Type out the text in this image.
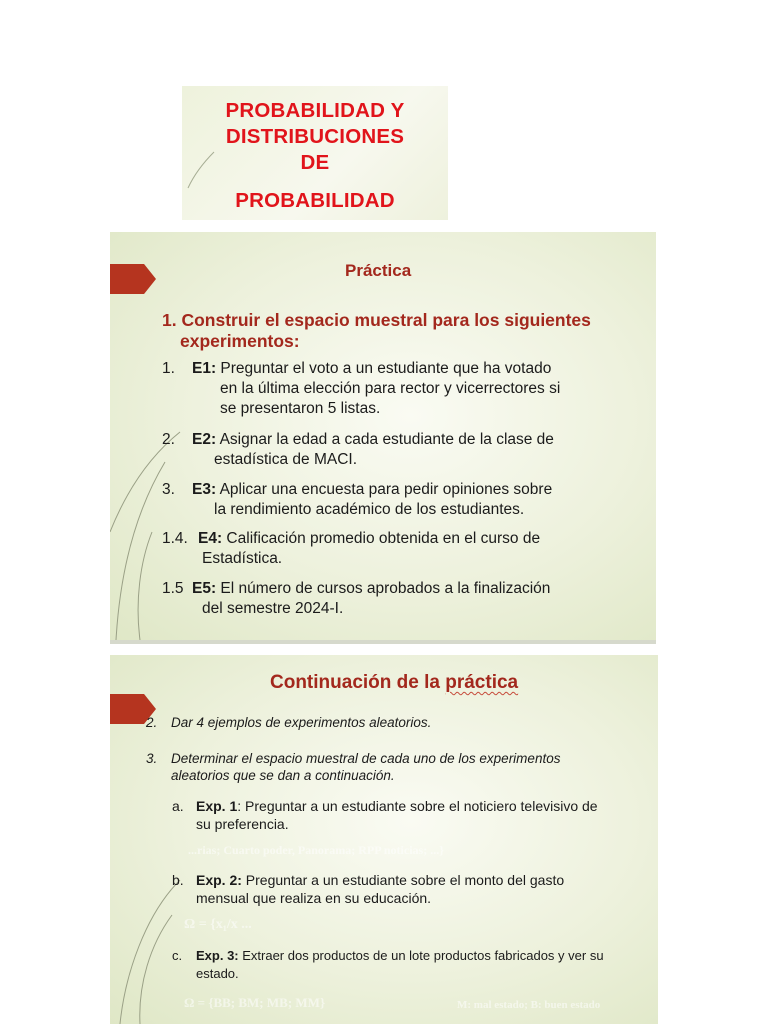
PROBABILIDAD Y
DISTRIBUCIONES
DE
PROBABILIDAD
Práctica
1. Construir el espacio muestral para los siguientes
experimentos:
1. E1: Preguntar el voto a un estudiante que ha votado
en la última elección para rector y vicerrectores si
se presentaron 5 listas.
2. E2: Asignar la edad a cada estudiante de la clase de
estadística de MACI.
3. E3: Aplicar una encuesta para pedir opiniones sobre
la rendimiento académico de los estudiantes.
1.4. E4: Calificación promedio obtenida en el curso de
Estadística.
1.5 E5: El número de cursos aprobados a la finalización
del semestre 2024-I.
Continuación de la práctica
2. Dar 4 ejemplos de experimentos aleatorios.
3. Determinar el espacio muestral de cada uno de los experimentos
aleatorios que se dan a continuación.
a. Exp. 1: Preguntar a un estudiante sobre el noticiero televisivo de
su preferencia.
...rias; Cuarto poder, Panorama; RPP noticias; ...}
b. Exp. 2: Preguntar a un estudiante sobre el monto del gasto
mensual que realiza en su educación.
Ω = {x₁/x ...
c. Exp. 3: Extraer dos productos de un lote productos fabricados y ver su
estado.
Ω = {BB; BM; MB; MM}	M: mal estado; B: buen estado
